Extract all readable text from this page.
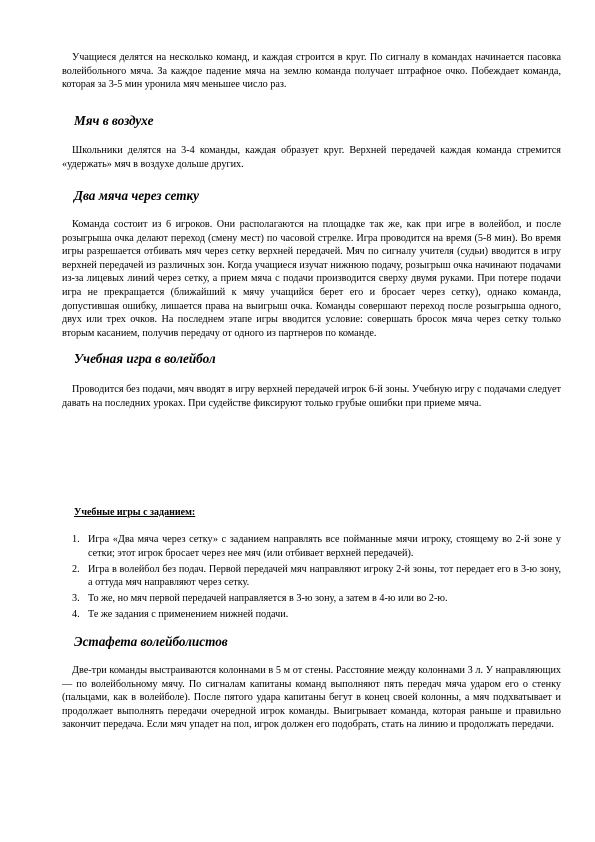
Учащиеся делятся на несколько команд, и каждая строится в круг. По сигналу в командах начинается пасовка волейбольного мяча. За каждое падение мяча на землю команда получает штрафное очко. Побеждает команда, которая за 3-5 мин уронила мяч меньшее число раз.

Мяч в воздухе

Школьники делятся на 3-4 команды, каждая образует круг. Верхней передачей каждая команда стремится «удержать» мяч в воздухе дольше других.

Два мяча через сетку

Команда состоит из 6 игроков. Они располагаются на площадке так же, как при игре в волейбол, и после розыгрыша очка делают переход (смену мест) по часовой стрелке. Игра проводится на время (5-8 мин). Во время игры разрешается отбивать мяч через сетку верхней передачей. Мяч по сигналу учителя (судьи) вводится в игру верхней передачей из различных зон. Когда учащиеся изучат нижнюю подачу, розыгрыш очка начинают подачами из-за лицевых линий через сетку, а прием мяча с подачи производится сверху двумя руками. При потере подачи игра не прекращается (ближайший к мячу учащийся берет его и бросает через сетку), однако команда, допустившая ошибку, лишается права на выигрыш очка. Команды совершают переход после розыгрыша одного, двух или трех очков. На последнем этапе игры вводится условие: совершать бросок мяча через сетку только вторым касанием, получив передачу от одного из партнеров по команде.

Учебная игра в волейбол

Проводится без подачи, мяч вводят в игру верхней передачей игрок 6-й зоны. Учебную игру с подачами следует давать на последних уроках. При судействе фиксируют только грубые ошибки при приеме мяча.

Учебные игры с заданием:
1. Игра «Два мяча через сетку» с заданием направлять все пойманные мячи игроку, стоящему во 2-й зоне у сетки; этот игрок бросает через нее мяч (или отбивает верхней передачей).
2. Игра в волейбол без подач. Первой передачей мяч направляют игроку 2-й зоны, тот передает его в 3-ю зону, а оттуда мяч направляют через сетку.
3. То же, но мяч первой передачей направляется в 3-ю зону, а затем в 4-ю или во 2-ю.
4. Те же задания с применением нижней подачи.
Эстафета волейболистов

Две-три команды выстраиваются колоннами в 5 м от стены. Расстояние между колоннами 3 л. У направляющих — по волейбольному мячу. По сигналам капитаны команд выполняют пять передач мяча ударом его о стенку (пальцами, как в волейболе). После пятого удара капитаны бегут в конец своей колонны, а мяч подхватывает и продолжает выполнять передачи очередной игрок команды. Выигрывает команда, которая раньше и правильно закончит передача. Если мяч упадет на пол, игрок должен его подобрать, стать на линию и продолжать передачи.
